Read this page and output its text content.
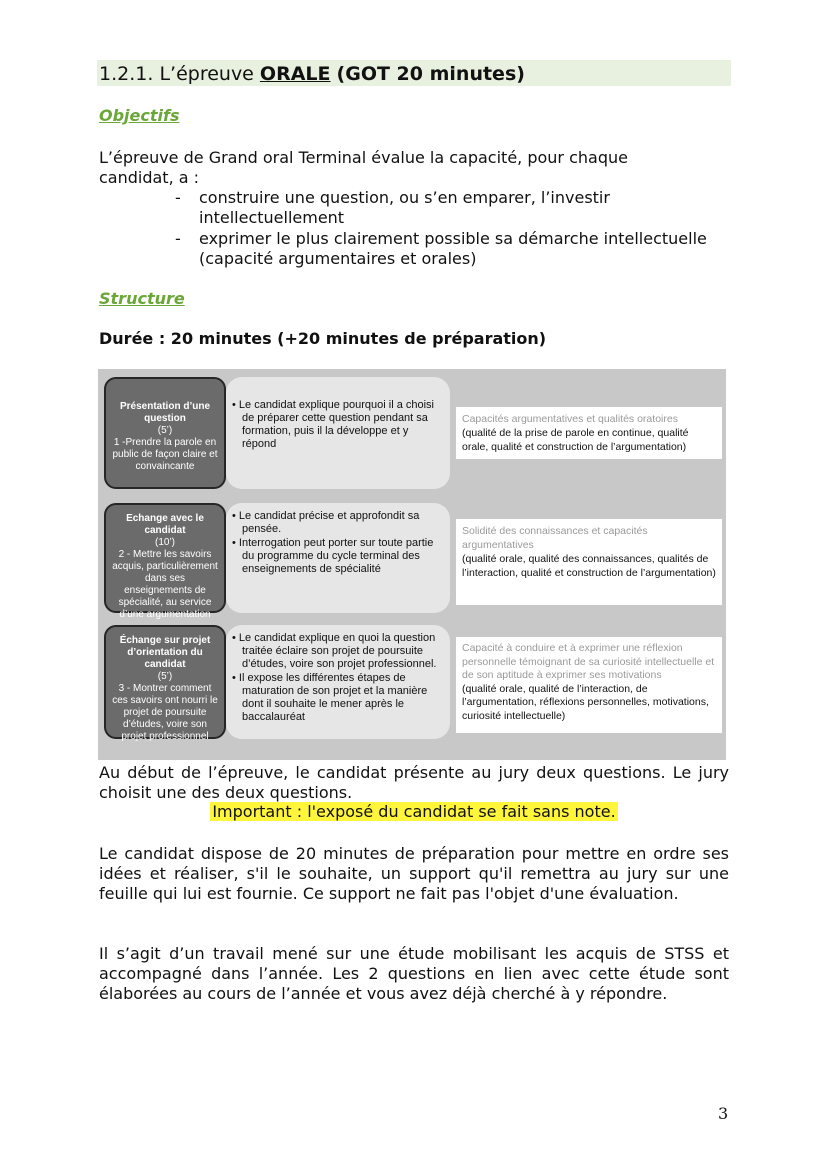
1.2.1. L’épreuve ORALE (GOT 20 minutes)
Objectifs
L’épreuve de Grand oral Terminal évalue la capacité, pour chaque candidat, a :
- construire une question, ou s’en emparer, l’investir intellectuellement
- exprimer le plus clairement possible sa démarche intellectuelle (capacité argumentaires et orales)
Structure
Durée : 20 minutes (+20 minutes de préparation)
Présentation d’une question
(5’)
1 -Prendre la parole en public de façon claire et convaincante
• Le candidat explique pourquoi il a choisi de préparer cette question pendant sa formation, puis il la développe et y répond
Capacités argumentatives et qualités oratoires
(qualité de la prise de parole en continue, qualité orale, qualité et construction de l’argumentation)
Echange avec le candidat
(10’)
2 - Mettre les savoirs acquis, particulièrement dans ses enseignements de spécialité, au service d’une argumentation
• Le candidat précise et approfondit sa pensée.
• Interrogation peut porter sur toute partie du programme du cycle terminal des enseignements de spécialité
Solidité des connaissances et capacités argumentatives
(qualité orale, qualité des connaissances, qualités de l’interaction, qualité et construction de l’argumentation)
Échange sur projet d’orientation du candidat
(5’)
3 - Montrer comment ces savoirs ont nourri le projet de poursuite d’études, voire son projet professionnel
• Le candidat explique en quoi la question traitée éclaire son projet de poursuite d’études, voire son projet professionnel.
• Il expose les différentes étapes de maturation de son projet et la manière dont il souhaite le mener après le baccalauréat
Capacité à conduire et à exprimer une réflexion personnelle témoignant de sa curiosité intellectuelle et de son aptitude à exprimer ses motivations
(qualité orale, qualité de l’interaction, de l’argumentation, réflexions personnelles, motivations, curiosité intellectuelle)
Au début de l’épreuve, le candidat présente au jury deux questions. Le jury choisit une des deux questions.
Important : l'exposé du candidat se fait sans note.
Le candidat dispose de 20 minutes de préparation pour mettre en ordre ses idées et réaliser, s'il le souhaite, un support qu'il remettra au jury sur une feuille qui lui est fournie. Ce support ne fait pas l'objet d'une évaluation.
Il s’agit d’un travail mené sur une étude mobilisant les acquis de STSS et accompagné dans l’année. Les 2 questions en lien avec cette étude sont élaborées au cours de l’année et vous avez déjà cherché à y répondre.
3
